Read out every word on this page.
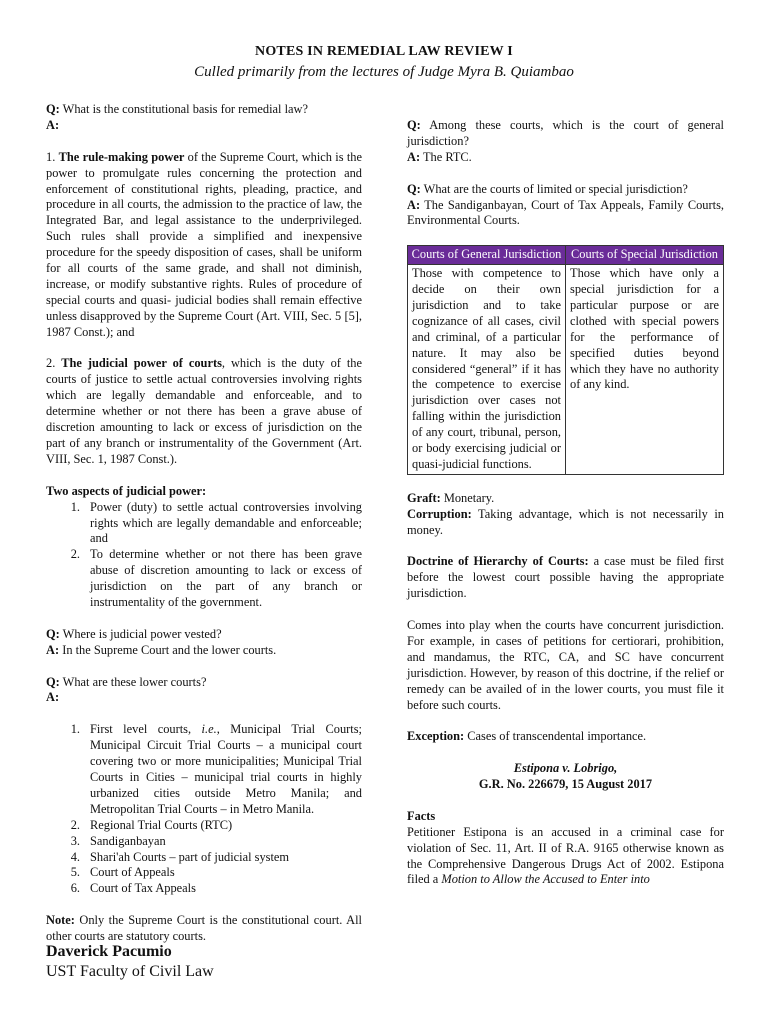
NOTES IN REMEDIAL LAW REVIEW I
Culled primarily from the lectures of Judge Myra B. Quiambao

Q: What is the constitutional basis for remedial law?

A:

1. The rule-making power of the Supreme Court, which is the power to promulgate rules concerning the protection and enforcement of constitutional rights, pleading, practice, and procedure in all courts, the admission to the practice of law, the Integrated Bar, and legal assistance to the underprivileged. Such rules shall provide a simplified and inexpensive procedure for the speedy disposition of cases, shall be uniform for all courts of the same grade, and shall not diminish, increase, or modify substantive rights. Rules of procedure of special courts and quasi- judicial bodies shall remain effective unless disapproved by the Supreme Court (Art. VIII, Sec. 5 [5], 1987 Const.); and

2. The judicial power of courts, which is the duty of the courts of justice to settle actual controversies involving rights which are legally demandable and enforceable, and to determine whether or not there has been a grave abuse of discretion amounting to lack or excess of jurisdiction on the part of any branch or instrumentality of the Government (Art. VIII, Sec. 1, 1987 Const.).

Two aspects of judicial power:

1. Power (duty) to settle actual controversies involving rights which are legally demandable and enforceable; and
2. To determine whether or not there has been grave abuse of discretion amounting to lack or excess of jurisdiction on the part of any branch or instrumentality of the government.

Q: Where is judicial power vested?

A: In the Supreme Court and the lower courts.

Q: What are these lower courts?

A:

1. First level courts, i.e., Municipal Trial Courts; Municipal Circuit Trial Courts – a municipal court covering two or more municipalities; Municipal Trial Courts in Cities – municipal trial courts in highly urbanized cities outside Metro Manila; and Metropolitan Trial Courts – in Metro Manila.
2. Regional Trial Courts (RTC)
3. Sandiganbayan
4. Shari'ah Courts – part of judicial system
5. Court of Appeals
6. Court of Tax Appeals

Note: Only the Supreme Court is the constitutional court. All other courts are statutory courts.

Daverick Pacumio
UST Faculty of Civil Law

Q: Among these courts, which is the court of general jurisdiction?

A: The RTC.

Q: What are the courts of limited or special jurisdiction?

A: The Sandiganbayan, Court of Tax Appeals, Family Courts, Environmental Courts.

Courts of General Jurisdiction	Courts of Special Jurisdiction
Those with competence to decide on their own jurisdiction and to take cognizance of all cases, civil and criminal, of a particular nature. It may also be considered “general” if it has the competence to exercise jurisdiction over cases not falling within the jurisdiction of any court, tribunal, person, or body exercising judicial or quasi-judicial functions.	Those which have only a special jurisdiction for a particular purpose or are clothed with special powers for the performance of specified duties beyond which they have no authority of any kind.

Graft: Monetary.

Corruption: Taking advantage, which is not necessarily in money.

Doctrine of Hierarchy of Courts: a case must be filed first before the lowest court possible having the appropriate jurisdiction.

Comes into play when the courts have concurrent jurisdiction. For example, in cases of petitions for certiorari, prohibition, and mandamus, the RTC, CA, and SC have concurrent jurisdiction. However, by reason of this doctrine, if the relief or remedy can be availed of in the lower courts, you must file it before such courts.

Exception: Cases of transcendental importance.

Estipona v. Lobrigo,

G.R. No. 226679, 15 August 2017

Facts

Petitioner Estipona is an accused in a criminal case for violation of Sec. 11, Art. II of R.A. 9165 otherwise known as the Comprehensive Dangerous Drugs Act of 2002. Estipona filed a Motion to Allow the Accused to Enter into
